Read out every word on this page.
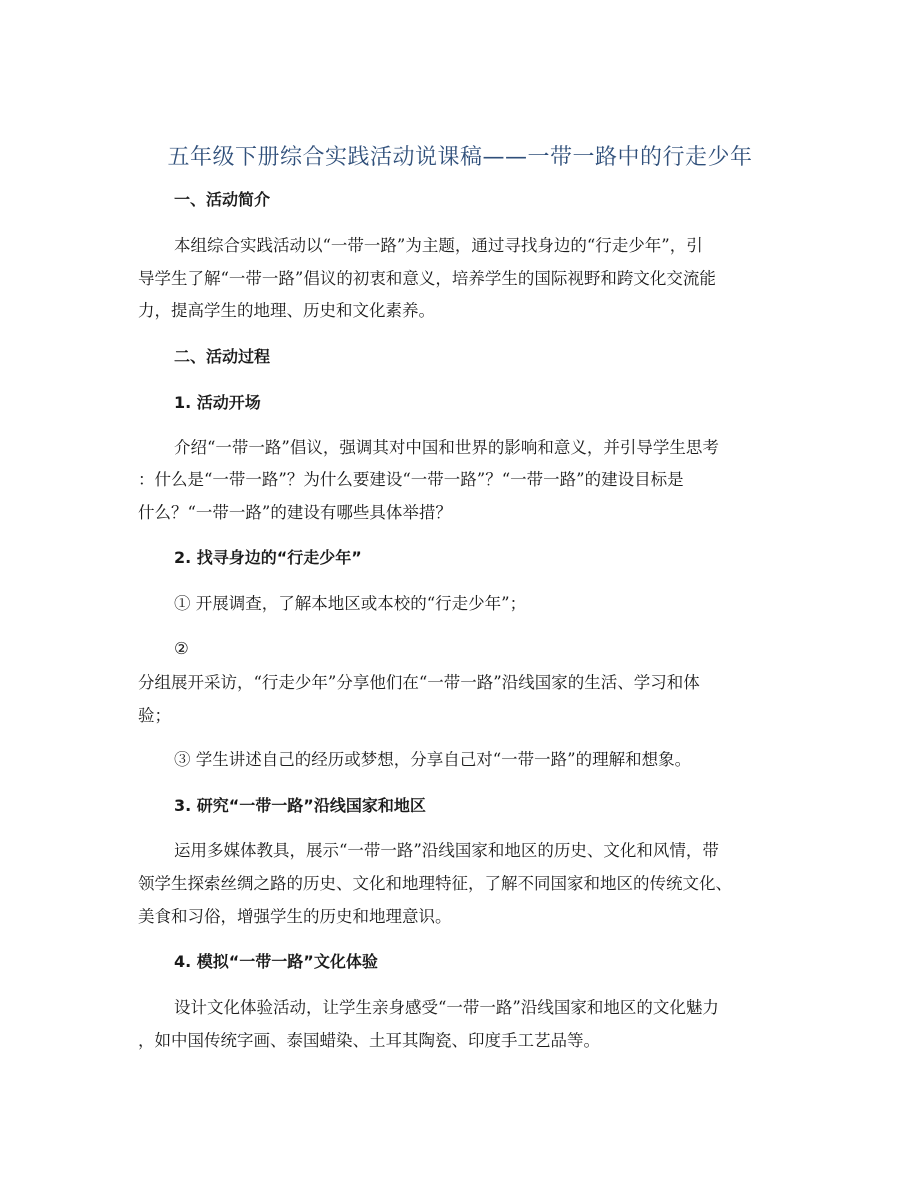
五年级下册综合实践活动说课稿——一带一路中的行走少年
一、活动简介
本组综合实践活动以“一带一路”为主题，通过寻找身边的“行走少年”，引
导学生了解“一带一路”倡议的初衷和意义，培养学生的国际视野和跨文化交流能
力，提高学生的地理、历史和文化素养。
二、活动过程
1. 活动开场
介绍“一带一路”倡议，强调其对中国和世界的影响和意义，并引导学生思考
：什么是“一带一路”？为什么要建设“一带一路”？“一带一路”的建设目标是
什么？“一带一路”的建设有哪些具体举措？
2. 找寻身边的“行走少年”
① 开展调查，了解本地区或本校的“行走少年”；
②
分组展开采访，“行走少年”分享他们在“一带一路”沿线国家的生活、学习和体
验；
③ 学生讲述自己的经历或梦想，分享自己对“一带一路”的理解和想象。
3. 研究“一带一路”沿线国家和地区
运用多媒体教具，展示“一带一路”沿线国家和地区的历史、文化和风情，带
领学生探索丝绸之路的历史、文化和地理特征，了解不同国家和地区的传统文化、
美食和习俗，增强学生的历史和地理意识。
4. 模拟“一带一路”文化体验
设计文化体验活动，让学生亲身感受“一带一路”沿线国家和地区的文化魅力
，如中国传统字画、泰国蜡染、土耳其陶瓷、印度手工艺品等。
